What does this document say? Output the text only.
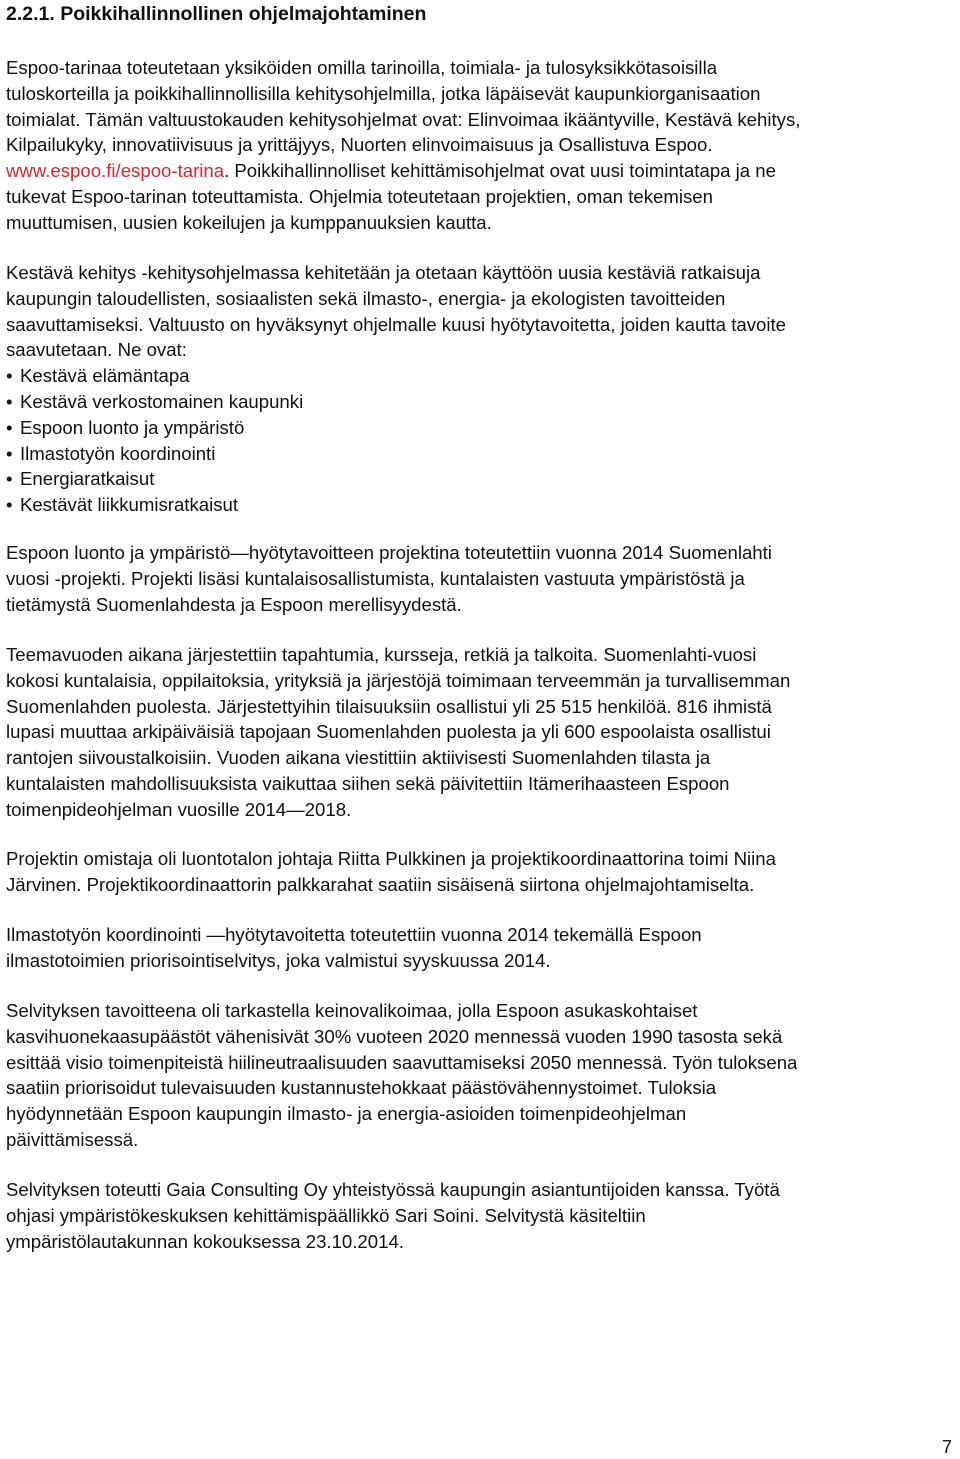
2.2.1. Poikkihallinnollinen ohjelmajohtaminen
Espoo-tarinaa toteutetaan yksiköiden omilla tarinoilla, toimiala- ja tulosyksikkötasoisilla
tuloskorteilla ja poikkihallinnollisilla kehitysohjelmilla, jotka läpäisevät kaupunkiorganisaation
toimialat. Tämän valtuustokauden kehitysohjelmat ovat: Elinvoimaa ikääntyville, Kestävä kehitys,
Kilpailukyky, innovatiivisuus ja yrittäjyys, Nuorten elinvoimaisuus ja Osallistuva Espoo.
www.espoo.fi/espoo-tarina. Poikkihallinnolliset kehittämisohjelmat ovat uusi toimintatapa ja ne
tukevat Espoo-tarinan toteuttamista. Ohjelmia toteutetaan projektien, oman tekemisen
muuttumisen, uusien kokeilujen ja kumppanuuksien kautta.
Kestävä kehitys -kehitysohjelmassa kehitetään ja otetaan käyttöön uusia kestäviä ratkaisuja
kaupungin taloudellisten, sosiaalisten sekä ilmasto-, energia- ja ekologisten tavoitteiden
saavuttamiseksi. Valtuusto on hyväksynyt ohjelmalle kuusi hyötytavoitetta, joiden kautta tavoite
saavutetaan. Ne ovat:
• Kestävä elämäntapa
• Kestävä verkostomainen kaupunki
• Espoon luonto ja ympäristö
• Ilmastotyön koordinointi
• Energiaratkaisut
• Kestävät liikkumisratkaisut
Espoon luonto ja ympäristö—hyötytavoitteen projektina toteutettiin vuonna 2014 Suomenlahti
vuosi -projekti. Projekti lisäsi kuntalaisosallistumista, kuntalaisten vastuuta ympäristöstä ja
tietämystä Suomenlahdesta ja Espoon merellisyydestä.
Teemavuoden aikana järjestettiin tapahtumia, kursseja, retkiä ja talkoita. Suomenlahti-vuosi
kokosi kuntalaisia, oppilaitoksia, yrityksiä ja järjestöjä toimimaan terveemmän ja turvallisemman
Suomenlahden puolesta. Järjestettyihin tilaisuuksiin osallistui yli 25 515 henkilöä. 816 ihmistä
lupasi muuttaa arkipäiväisiä tapojaan Suomenlahden puolesta ja yli 600 espoolaista osallistui
rantojen siivoustalkoisiin. Vuoden aikana viestittiin aktiivisesti Suomenlahden tilasta ja
kuntalaisten mahdollisuuksista vaikuttaa siihen sekä päivitettiin Itämerihaasteen Espoon
toimenpideohjelman vuosille 2014—2018.
Projektin omistaja oli luontotalon johtaja Riitta Pulkkinen ja projektikoordinaattorina toimi Niina
Järvinen. Projektikoordinaattorin palkkarahat saatiin sisäisenä siirtona ohjelmajohtamiselta.
Ilmastotyön koordinointi —hyötytavoitetta toteutettiin vuonna 2014 tekemällä Espoon
ilmastotoimien priorisointiselvitys, joka valmistui syyskuussa 2014.
Selvityksen tavoitteena oli tarkastella keinovalikoimaa, jolla Espoon asukaskohtaiset
kasvihuonekaasupäästöt vähenisivät 30% vuoteen 2020 mennessä vuoden 1990 tasosta sekä
esittää visio toimenpiteistä hiilineutraalisuuden saavuttamiseksi 2050 mennessä. Työn tuloksena
saatiin priorisoidut tulevaisuuden kustannustehokkaat päästövähennystoimet. Tuloksia
hyödynnetään Espoon kaupungin ilmasto- ja energia-asioiden toimenpideohjelman
päivittämisessä.
Selvityksen toteutti Gaia Consulting Oy yhteistyössä kaupungin asiantuntijoiden kanssa. Työtä
ohjasi ympäristökeskuksen kehittämispäällikkö Sari Soini. Selvitystä käsiteltiin
ympäristölautakunnan kokouksessa 23.10.2014.
7
